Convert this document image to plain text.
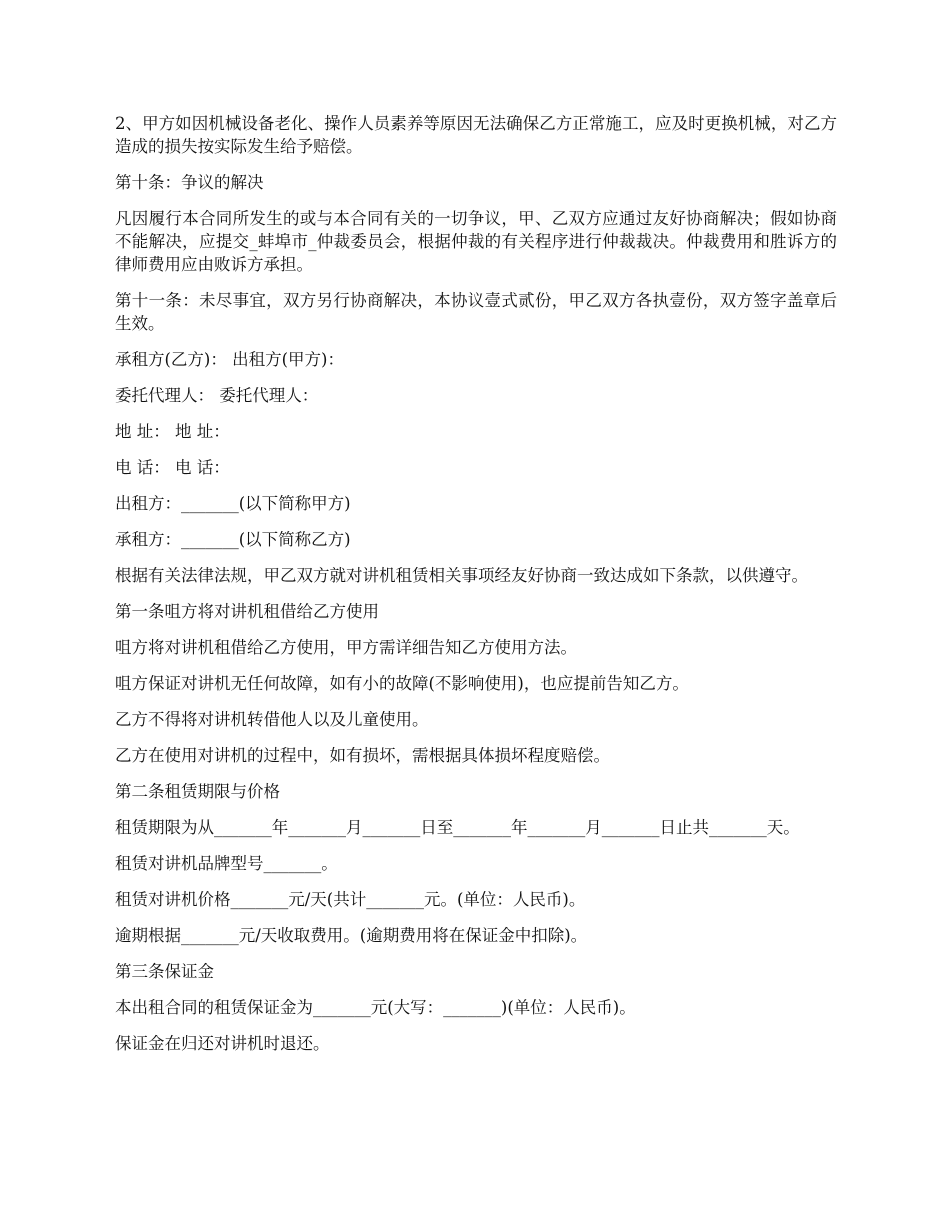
2、甲方如因机械设备老化、操作人员素养等原因无法确保乙方正常施工，应及时更换机械，对乙方造成的损失按实际发生给予赔偿。

第十条：争议的解决

凡因履行本合同所发生的或与本合同有关的一切争议，甲、乙双方应通过友好协商解决；假如协商不能解决，应提交_蚌埠市_仲裁委员会，根据仲裁的有关程序进行仲裁裁决。仲裁费用和胜诉方的律师费用应由败诉方承担。

第十一条：未尽事宜，双方另行协商解决，本协议壹式贰份，甲乙双方各执壹份，双方签字盖章后生效。

承租方(乙方)： 出租方(甲方)：

委托代理人： 委托代理人：

地 址： 地 址：

电 话： 电 话：

出租方：_______(以下简称甲方)

承租方：_______(以下简称乙方)

根据有关法律法规，甲乙双方就对讲机租赁相关事项经友好协商一致达成如下条款，以供遵守。

第一条咀方将对讲机租借给乙方使用

咀方将对讲机租借给乙方使用，甲方需详细告知乙方使用方法。

咀方保证对讲机无任何故障，如有小的故障(不影响使用)，也应提前告知乙方。

乙方不得将对讲机转借他人以及儿童使用。

乙方在使用对讲机的过程中，如有损坏，需根据具体损坏程度赔偿。

第二条租赁期限与价格

租赁期限为从_______年_______月_______日至_______年_______月_______日止共_______天。

租赁对讲机品牌型号_______。

租赁对讲机价格_______元/天(共计_______元。(单位：人民币)。

逾期根据_______元/天收取费用。(逾期费用将在保证金中扣除)。

第三条保证金

本出租合同的租赁保证金为_______元(大写：_______)(单位：人民币)。

保证金在归还对讲机时退还。
